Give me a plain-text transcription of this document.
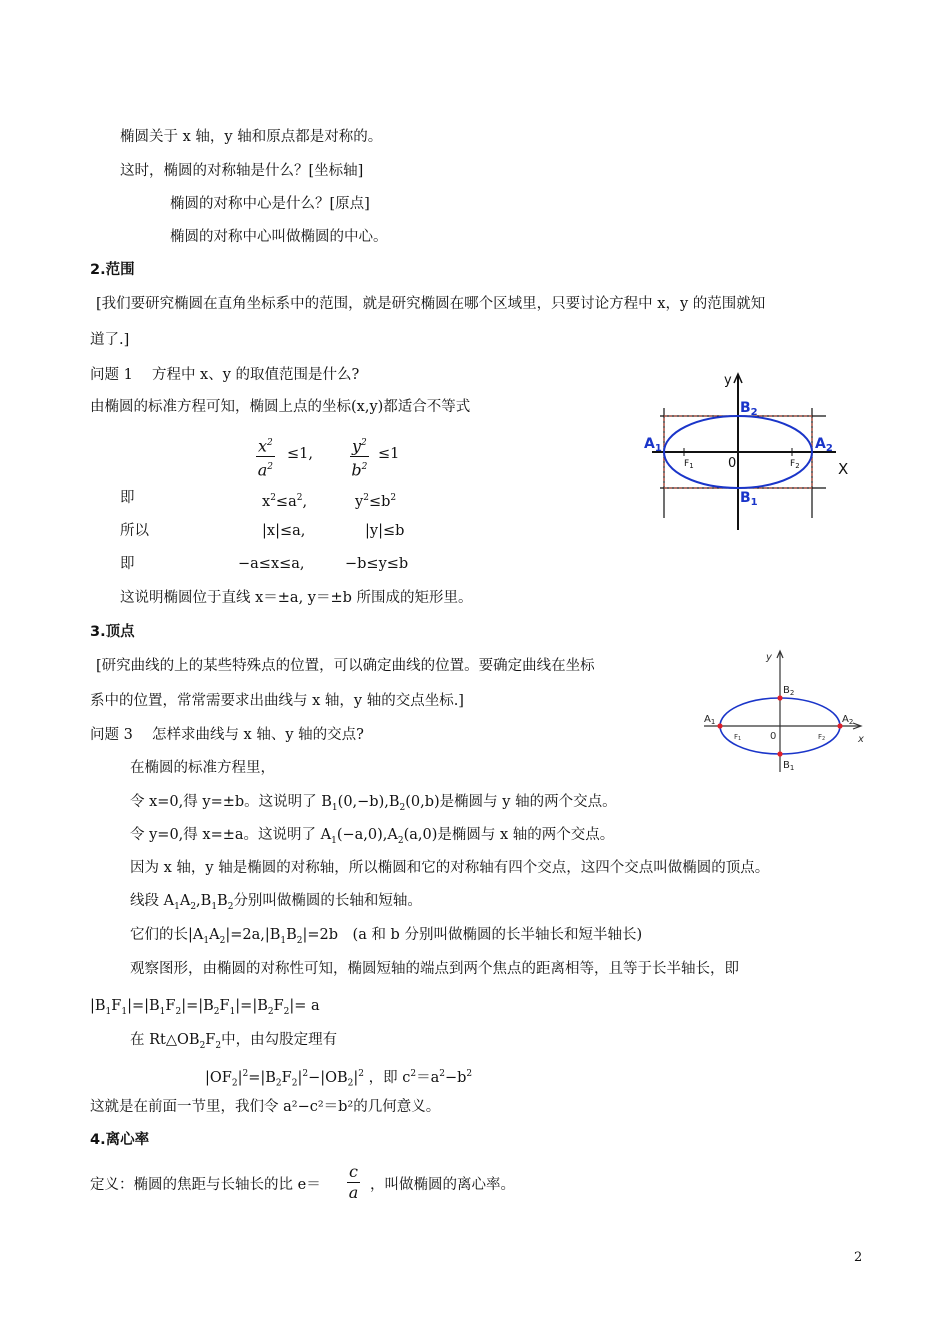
椭圆关于 x 轴，y 轴和原点都是对称的。
这时，椭圆的对称轴是什么？[坐标轴]
椭圆的对称中心是什么？[原点]
椭圆的对称中心叫做椭圆的中心。
2.范围
[我们要研究椭圆在直角坐标系中的范围，就是研究椭圆在哪个区域里，只要讨论方程中 x，y 的范围就知
道了.]
问题 1　 方程中 x、y 的取值范围是什么?
由椭圆的标准方程可知，椭圆上点的坐标(x,y)都适合不等式
$\frac{x^2}{a^2} \le 1$, $\frac{y^2}{b^2} \le 1$
即	$x^2\le a^2$,	$y^2\le b^2$
所以	|x|≤a,	|y|≤b
即	−a≤x≤a,	−b≤y≤b
这说明椭圆位于直线 x＝±a, y＝±b 所围成的矩形里。
y
X
$B_2$
$B_1$
$A_1$	$A_2$
$F_1$	$F_2$
0
3.顶点
[研究曲线的上的某些特殊点的位置，可以确定曲线的位置。要确定曲线在坐标
系中的位置，常常需要求出曲线与 x 轴，y 轴的交点坐标.]
问题 3　 怎样求曲线与 x 轴、y 轴的交点?
在椭圆的标准方程里，
令 x=0,得 y=±b。这说明了 $B_1(0,-b),B_2(0,b)$是椭圆与 y 轴的两个交点。
令 y=0,得 x=±a。这说明了 $A_1(-a,0),A_2(a,0)$是椭圆与 x 轴的两个交点。
因为 x 轴，y 轴是椭圆的对称轴，所以椭圆和它的对称轴有四个交点，这四个交点叫做椭圆的顶点。
线段 $A_1A_2,B_1B_2$分别叫做椭圆的长轴和短轴。
它们的长$|A_1A_2|=2a,|B_1B_2|=2b$　(a 和 b 分别叫做椭圆的长半轴长和短半轴长)
观察图形，由椭圆的对称性可知，椭圆短轴的端点到两个焦点的距离相等，且等于长半轴长，即
$|B_1F_1|=|B_1F_2|=|B_2F_1|=|B_2F_2|= a$
在 $Rt\triangle OB_2F_2$中，由勾股定理有
$|OF_2|^2=|B_2F_2|^2-|OB_2|^2$ ，即 $c^2=a^2-b^2$
这就是在前面一节里，我们令 a²−c²＝b²的几何意义。
y
x
$B_2$
$B_1$
$A_1$	$A_2$
F1	F2
0
4.离心率
定义：椭圆的焦距与长轴长的比 $e= \frac{c}{a}$ ，叫做椭圆的离心率。
2
